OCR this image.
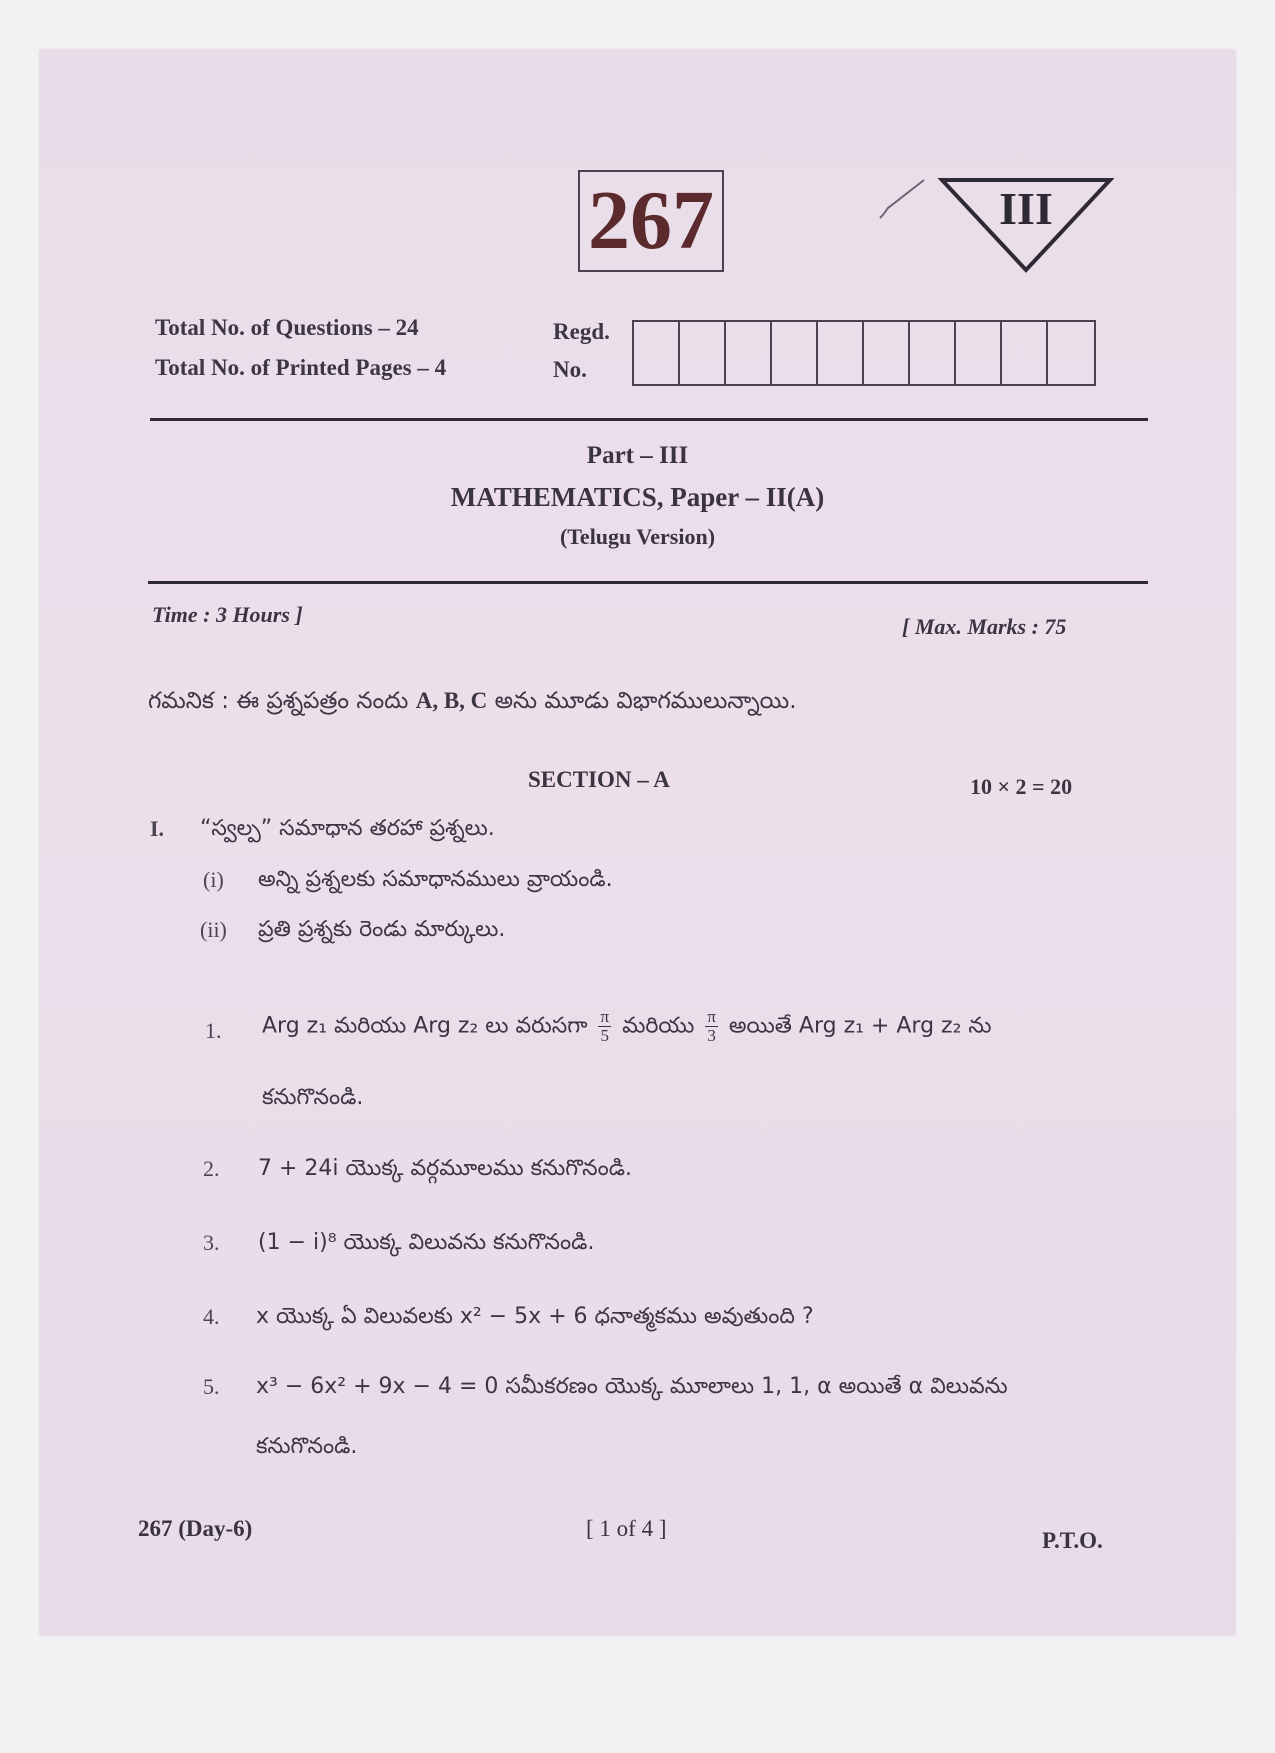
267	III
Total No. of Questions – 24
Total No. of Printed Pages – 4
Regd.
No.
Part – III
MATHEMATICS, Paper – II(A)
(Telugu Version)
Time : 3 Hours ]	[ Max. Marks : 75
గమనిక : ఈ ప్రశ్నపత్రం నందు A, B, C అను మూడు విభాగములున్నాయి.
SECTION – A	10 × 2 = 20
I. “స్వల్ప” సమాధాన తరహా ప్రశ్నలు.
(i) అన్ని ప్రశ్నలకు సమాధానములు వ్రాయండి.
(ii) ప్రతి ప్రశ్నకు రెండు మార్కులు.
1. Arg z₁ మరియు Arg z₂ లు వరుసగా $\frac{\pi}{5}$ మరియు $\frac{\pi}{3}$ అయితే Arg z₁ + Arg z₂ ను
కనుగొనండి.
2. 7 + 24i యొక్క వర్గమూలము కనుగొనండి.
3. (1 − i)⁸ యొక్క విలువను కనుగొనండి.
4. x యొక్క ఏ విలువలకు x² − 5x + 6 ధనాత్మకము అవుతుంది ?
5. x³ − 6x² + 9x − 4 = 0 సమీకరణం యొక్క మూలాలు 1, 1, α అయితే α విలువను
కనుగొనండి.
267 (Day-6)	[ 1 of 4 ]	P.T.O.
